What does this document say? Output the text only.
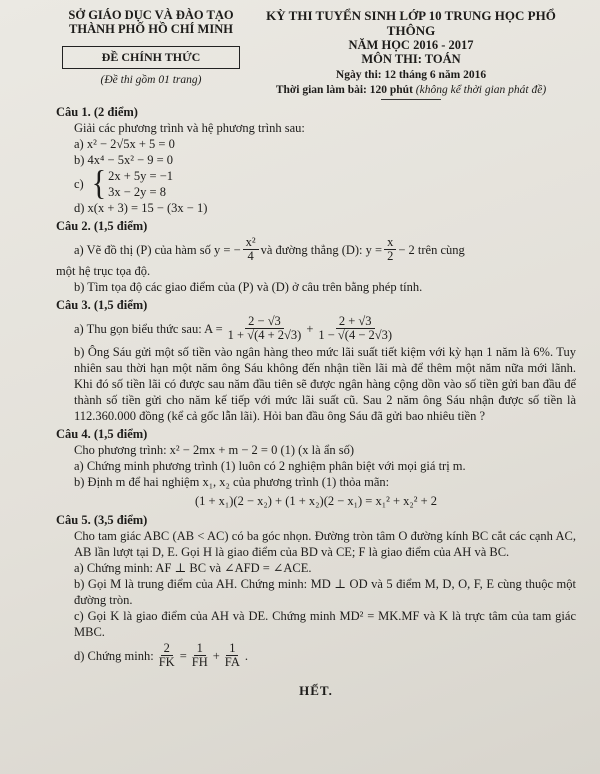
SỞ GIÁO DỤC VÀ ĐÀO TẠO
THÀNH PHỐ HỒ CHÍ MINH
ĐỀ CHÍNH THỨC
(Đề thi gồm 01 trang)
KỲ THI TUYỂN SINH LỚP 10 TRUNG HỌC PHỔ THÔNG
NĂM HỌC 2016 - 2017
MÔN THI: TOÁN
Ngày thi: 12 tháng 6 năm 2016
Thời gian làm bài: 120 phút (không kể thời gian phát đề)
Câu 1. (2 điểm)
Giải các phương trình và hệ phương trình sau:
a) x² − 2√5x + 5 = 0
b) 4x⁴ − 5x² − 9 = 0
c) { 2x + 5y = −1
3x − 2y = 8
d) x(x + 3) = 15 − (3x − 1)
Câu 2. (1,5 điểm)
a) Vẽ đồ thị (P) của hàm số y = − $\frac{\text{x²}}{4}$ và đường thẳng (D): $y = \frac{x}{2} - 2$ trên cùng
một hệ trục tọa độ.
b) Tìm tọa độ các giao điểm của (P) và (D) ở câu trên bằng phép tính.
Câu 3. (1,5 điểm)
a) Thu gọn biểu thức sau: $A = \frac{2 - √3}{1 + √(4 + 2√3)} + \frac{2 + √3}{1 - √(4 - 2√3)}$
b) Ông Sáu gửi một số tiền vào ngân hàng theo mức lãi suất tiết kiệm với kỳ hạn 1 năm là 6%. Tuy nhiên sau thời hạn một năm ông Sáu không đến nhận tiền lãi mà để thêm một năm nữa mới lãnh. Khi đó số tiền lãi có được sau năm đầu tiên sẽ được ngân hàng cộng dồn vào số tiền gửi ban đầu để thành số tiền gửi cho năm kế tiếp với mức lãi suất cũ. Sau 2 năm ông Sáu nhận được số tiền là 112.360.000 đồng (kể cả gốc lẫn lãi). Hỏi ban đầu ông Sáu đã gửi bao nhiêu tiền ?
Câu 4. (1,5 điểm)
Cho phương trình: x² − 2mx + m − 2 = 0 (1) (x là ẩn số)
a) Chứng minh phương trình (1) luôn có 2 nghiệm phân biệt với mọi giá trị m.
b) Định m để hai nghiệm x₁, x₂ của phương trình (1) thỏa mãn:
(1 + x₁)(2 − x₂) + (1 + x₂)(2 − x₁) = x₁² + x₂² + 2
Câu 5. (3,5 điểm)
Cho tam giác ABC (AB < AC) có ba góc nhọn. Đường tròn tâm O đường kính BC cắt các cạnh AC, AB lần lượt tại D, E. Gọi H là giao điểm của BD và CE; F là giao điểm của AH và BC.
a) Chứng minh: AF ⊥ BC và ∠AFD = ∠ACE.
b) Gọi M là trung điểm của AH. Chứng minh: MD ⊥ OD và 5 điểm M, D, O, F, E cùng thuộc một đường tròn.
c) Gọi K là giao điểm của AH và DE. Chứng minh MD² = MK.MF và K là trực tâm của tam giác MBC.
d) Chứng minh: $\frac{2}{FK} = \frac{1}{FH} + \frac{1}{FA}$ .
HẾT.
